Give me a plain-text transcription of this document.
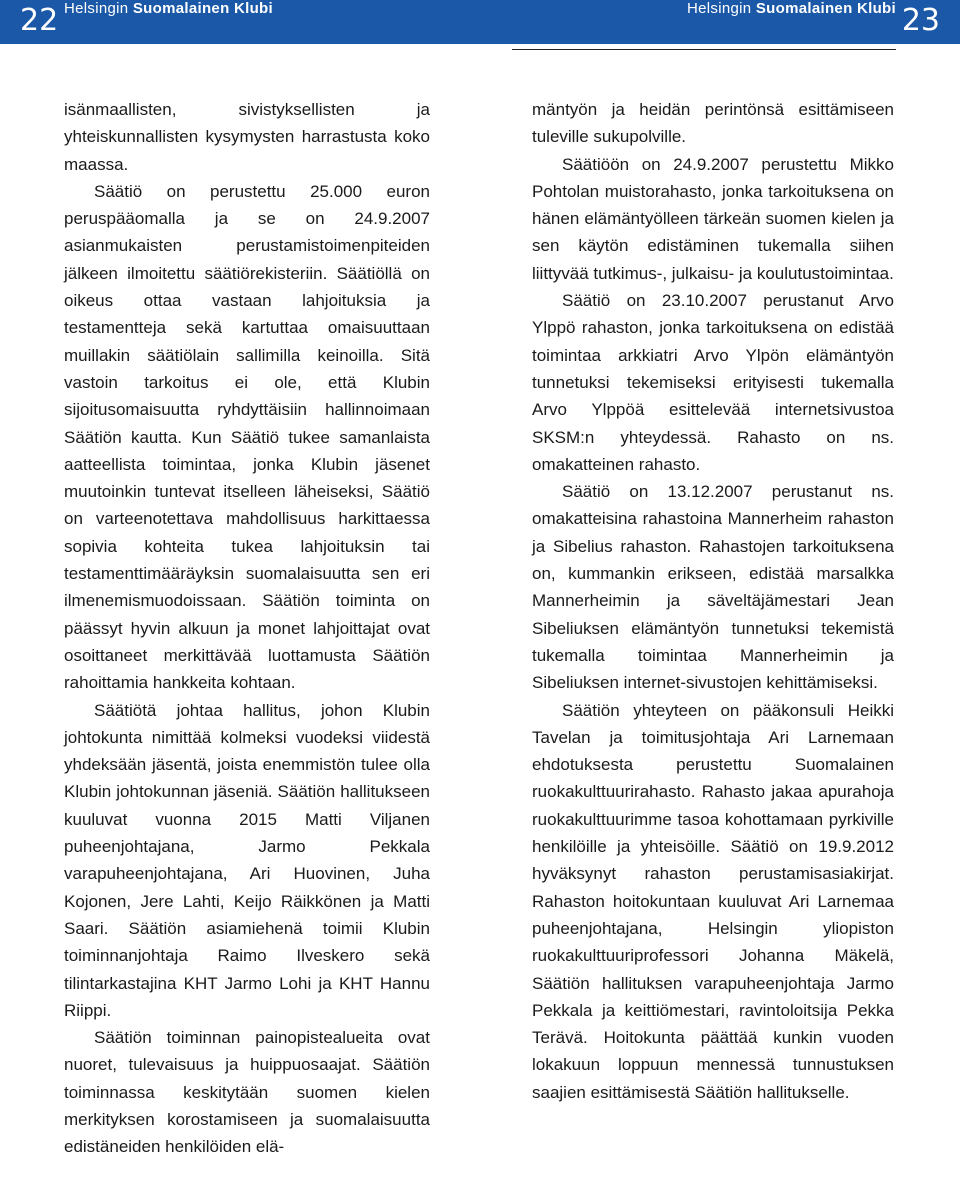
22 Helsingin Suomalainen Klubi	Helsingin Suomalainen Klubi 23

isänmaallisten, sivistyksellisten ja yhteiskunnallisten kysymysten harrastusta koko maassa.

Säätiö on perustettu 25.000 euron peruspääomalla ja se on 24.9.2007 asianmukaisten perustamistoimenpiteiden jälkeen ilmoitettu säätiörekisteriin. Säätiöllä on oikeus ottaa vastaan lahjoituksia ja testamentteja sekä kartuttaa omaisuuttaan muillakin säätiölain sallimilla keinoilla. Sitä vastoin tarkoitus ei ole, että Klubin sijoitusomaisuutta ryhdyttäisiin hallinnoimaan Säätiön kautta. Kun Säätiö tukee samanlaista aatteellista toimintaa, jonka Klubin jäsenet muutoinkin tuntevat itselleen läheiseksi, Säätiö on varteenotettava mahdollisuus harkittaessa sopivia kohteita tukea lahjoituksin tai testamenttimääräyksin suomalaisuutta sen eri ilmenemismuodoissaan. Säätiön toiminta on päässyt hyvin alkuun ja monet lahjoittajat ovat osoittaneet merkittävää luottamusta Säätiön rahoittamia hankkeita kohtaan.

Säätiötä johtaa hallitus, johon Klubin johtokunta nimittää kolmeksi vuodeksi viidestä yhdeksään jäsentä, joista enemmistön tulee olla Klubin johtokunnan jäseniä. Säätiön hallitukseen kuuluvat vuonna 2015 Matti Viljanen puheenjohtajana, Jarmo Pekkala varapuheenjohtajana, Ari Huovinen, Juha Kojonen, Jere Lahti, Keijo Räikkönen ja Matti Saari. Säätiön asiamiehenä toimii Klubin toiminnanjohtaja Raimo Ilveskero sekä tilintarkastajina KHT Jarmo Lohi ja KHT Hannu Riippi.

Säätiön toiminnan painopistealueita ovat nuoret, tulevaisuus ja huippuosaajat. Säätiön toiminnassa keskitytään suomen kielen merkityksen korostamiseen ja suomalaisuutta edistäneiden henkilöiden elä-

mäntyön ja heidän perintönsä esittämiseen tuleville sukupolville.

Säätiöön on 24.9.2007 perustettu Mikko Pohtolan muistorahasto, jonka tarkoituksena on hänen elämäntyölleen tärkeän suomen kielen ja sen käytön edistäminen tukemalla siihen liittyvää tutkimus-, julkaisu- ja koulutustoimintaa.

Säätiö on 23.10.2007 perustanut Arvo Ylppö rahaston, jonka tarkoituksena on edistää toimintaa arkkiatri Arvo Ylpön elämäntyön tunnetuksi tekemiseksi erityisesti tukemalla Arvo Ylppöä esittelevää internetsivustoa SKSM:n yhteydessä. Rahasto on ns. omakatteinen rahasto.

Säätiö on 13.12.2007 perustanut ns. omakatteisina rahastoina Mannerheim rahaston ja Sibelius rahaston. Rahastojen tarkoituksena on, kummankin erikseen, edistää marsalkka Mannerheimin ja säveltäjämestari Jean Sibeliuksen elämäntyön tunnetuksi tekemistä tukemalla toimintaa Mannerheimin ja Sibeliuksen internet-sivustojen kehittämiseksi.

Säätiön yhteyteen on pääkonsuli Heikki Tavelan ja toimitusjohtaja Ari Larnemaan ehdotuksesta perustettu Suomalainen ruokakulttuurirahasto. Rahasto jakaa apurahoja ruokakulttuurimme tasoa kohottamaan pyrkiville henkilöille ja yhteisöille. Säätiö on 19.9.2012 hyväksynyt rahaston perustamisasiakirjat. Rahaston hoitokuntaan kuuluvat Ari Larnemaa puheenjohtajana, Helsingin yliopiston ruokakulttuuriprofessori Johanna Mäkelä, Säätiön hallituksen varapuheenjohtaja Jarmo Pekkala ja keittiömestari, ravintoloitsija Pekka Terävä. Hoitokunta päättää kunkin vuoden lokakuun loppuun mennessä tunnustuksen saajien esittämisestä Säätiön hallitukselle.
